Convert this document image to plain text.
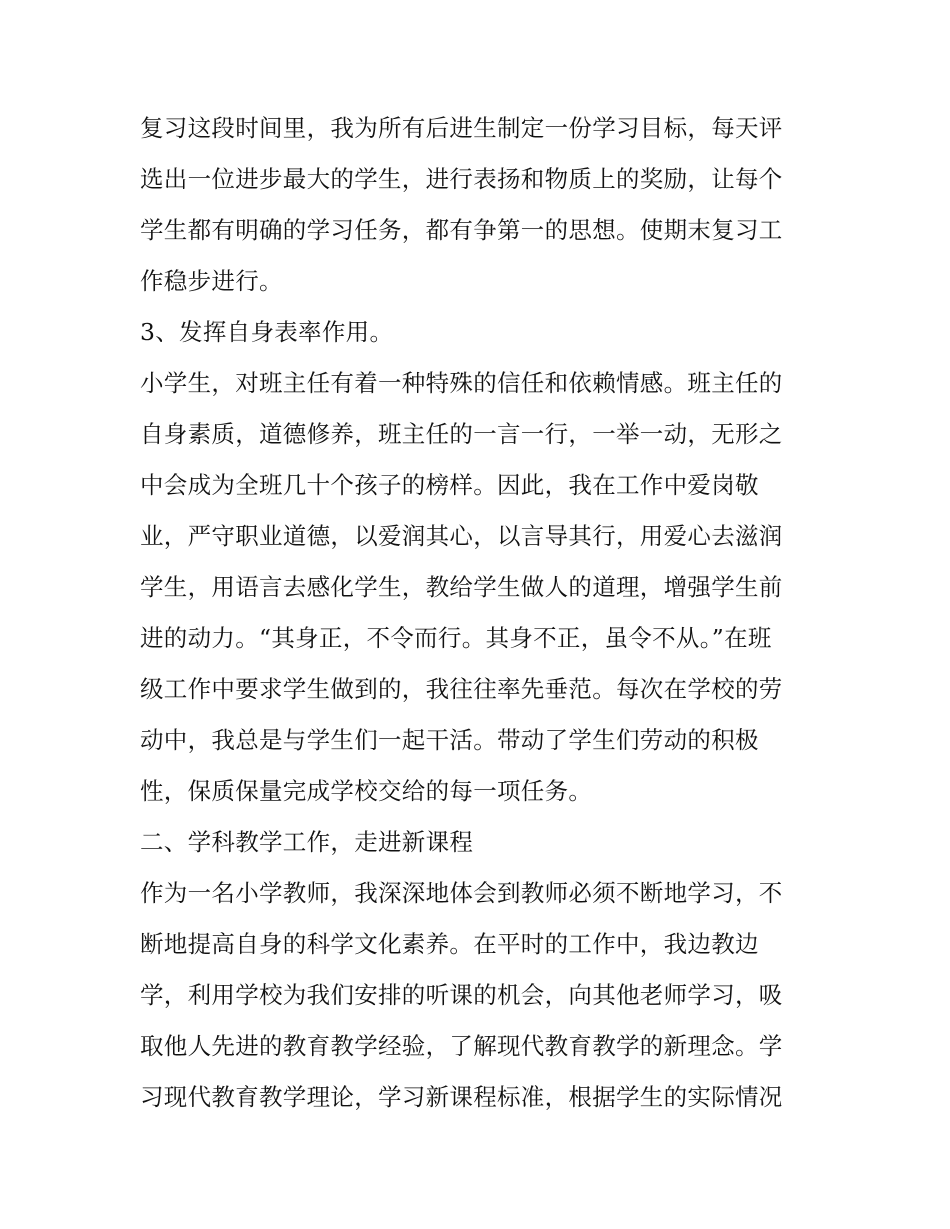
复习这段时间里，我为所有后进生制定一份学习目标，每天评
选出一位进步最大的学生，进行表扬和物质上的奖励，让每个
学生都有明确的学习任务，都有争第一的思想。使期末复习工
作稳步进行。
3、发挥自身表率作用。
小学生，对班主任有着一种特殊的信任和依赖情感。班主任的
自身素质，道德修养，班主任的一言一行，一举一动，无形之
中会成为全班几十个孩子的榜样。因此，我在工作中爱岗敬
业，严守职业道德，以爱润其心，以言导其行，用爱心去滋润
学生，用语言去感化学生，教给学生做人的道理，增强学生前
进的动力。“其身正，不令而行。其身不正，虽令不从。”在班
级工作中要求学生做到的，我往往率先垂范。每次在学校的劳
动中，我总是与学生们一起干活。带动了学生们劳动的积极
性，保质保量完成学校交给的每一项任务。
二、学科教学工作，走进新课程
作为一名小学教师，我深深地体会到教师必须不断地学习，不
断地提高自身的科学文化素养。在平时的工作中，我边教边
学，利用学校为我们安排的听课的机会，向其他老师学习，吸
取他人先进的教育教学经验，了解现代教育教学的新理念。学
习现代教育教学理论，学习新课程标准，根据学生的实际情况
